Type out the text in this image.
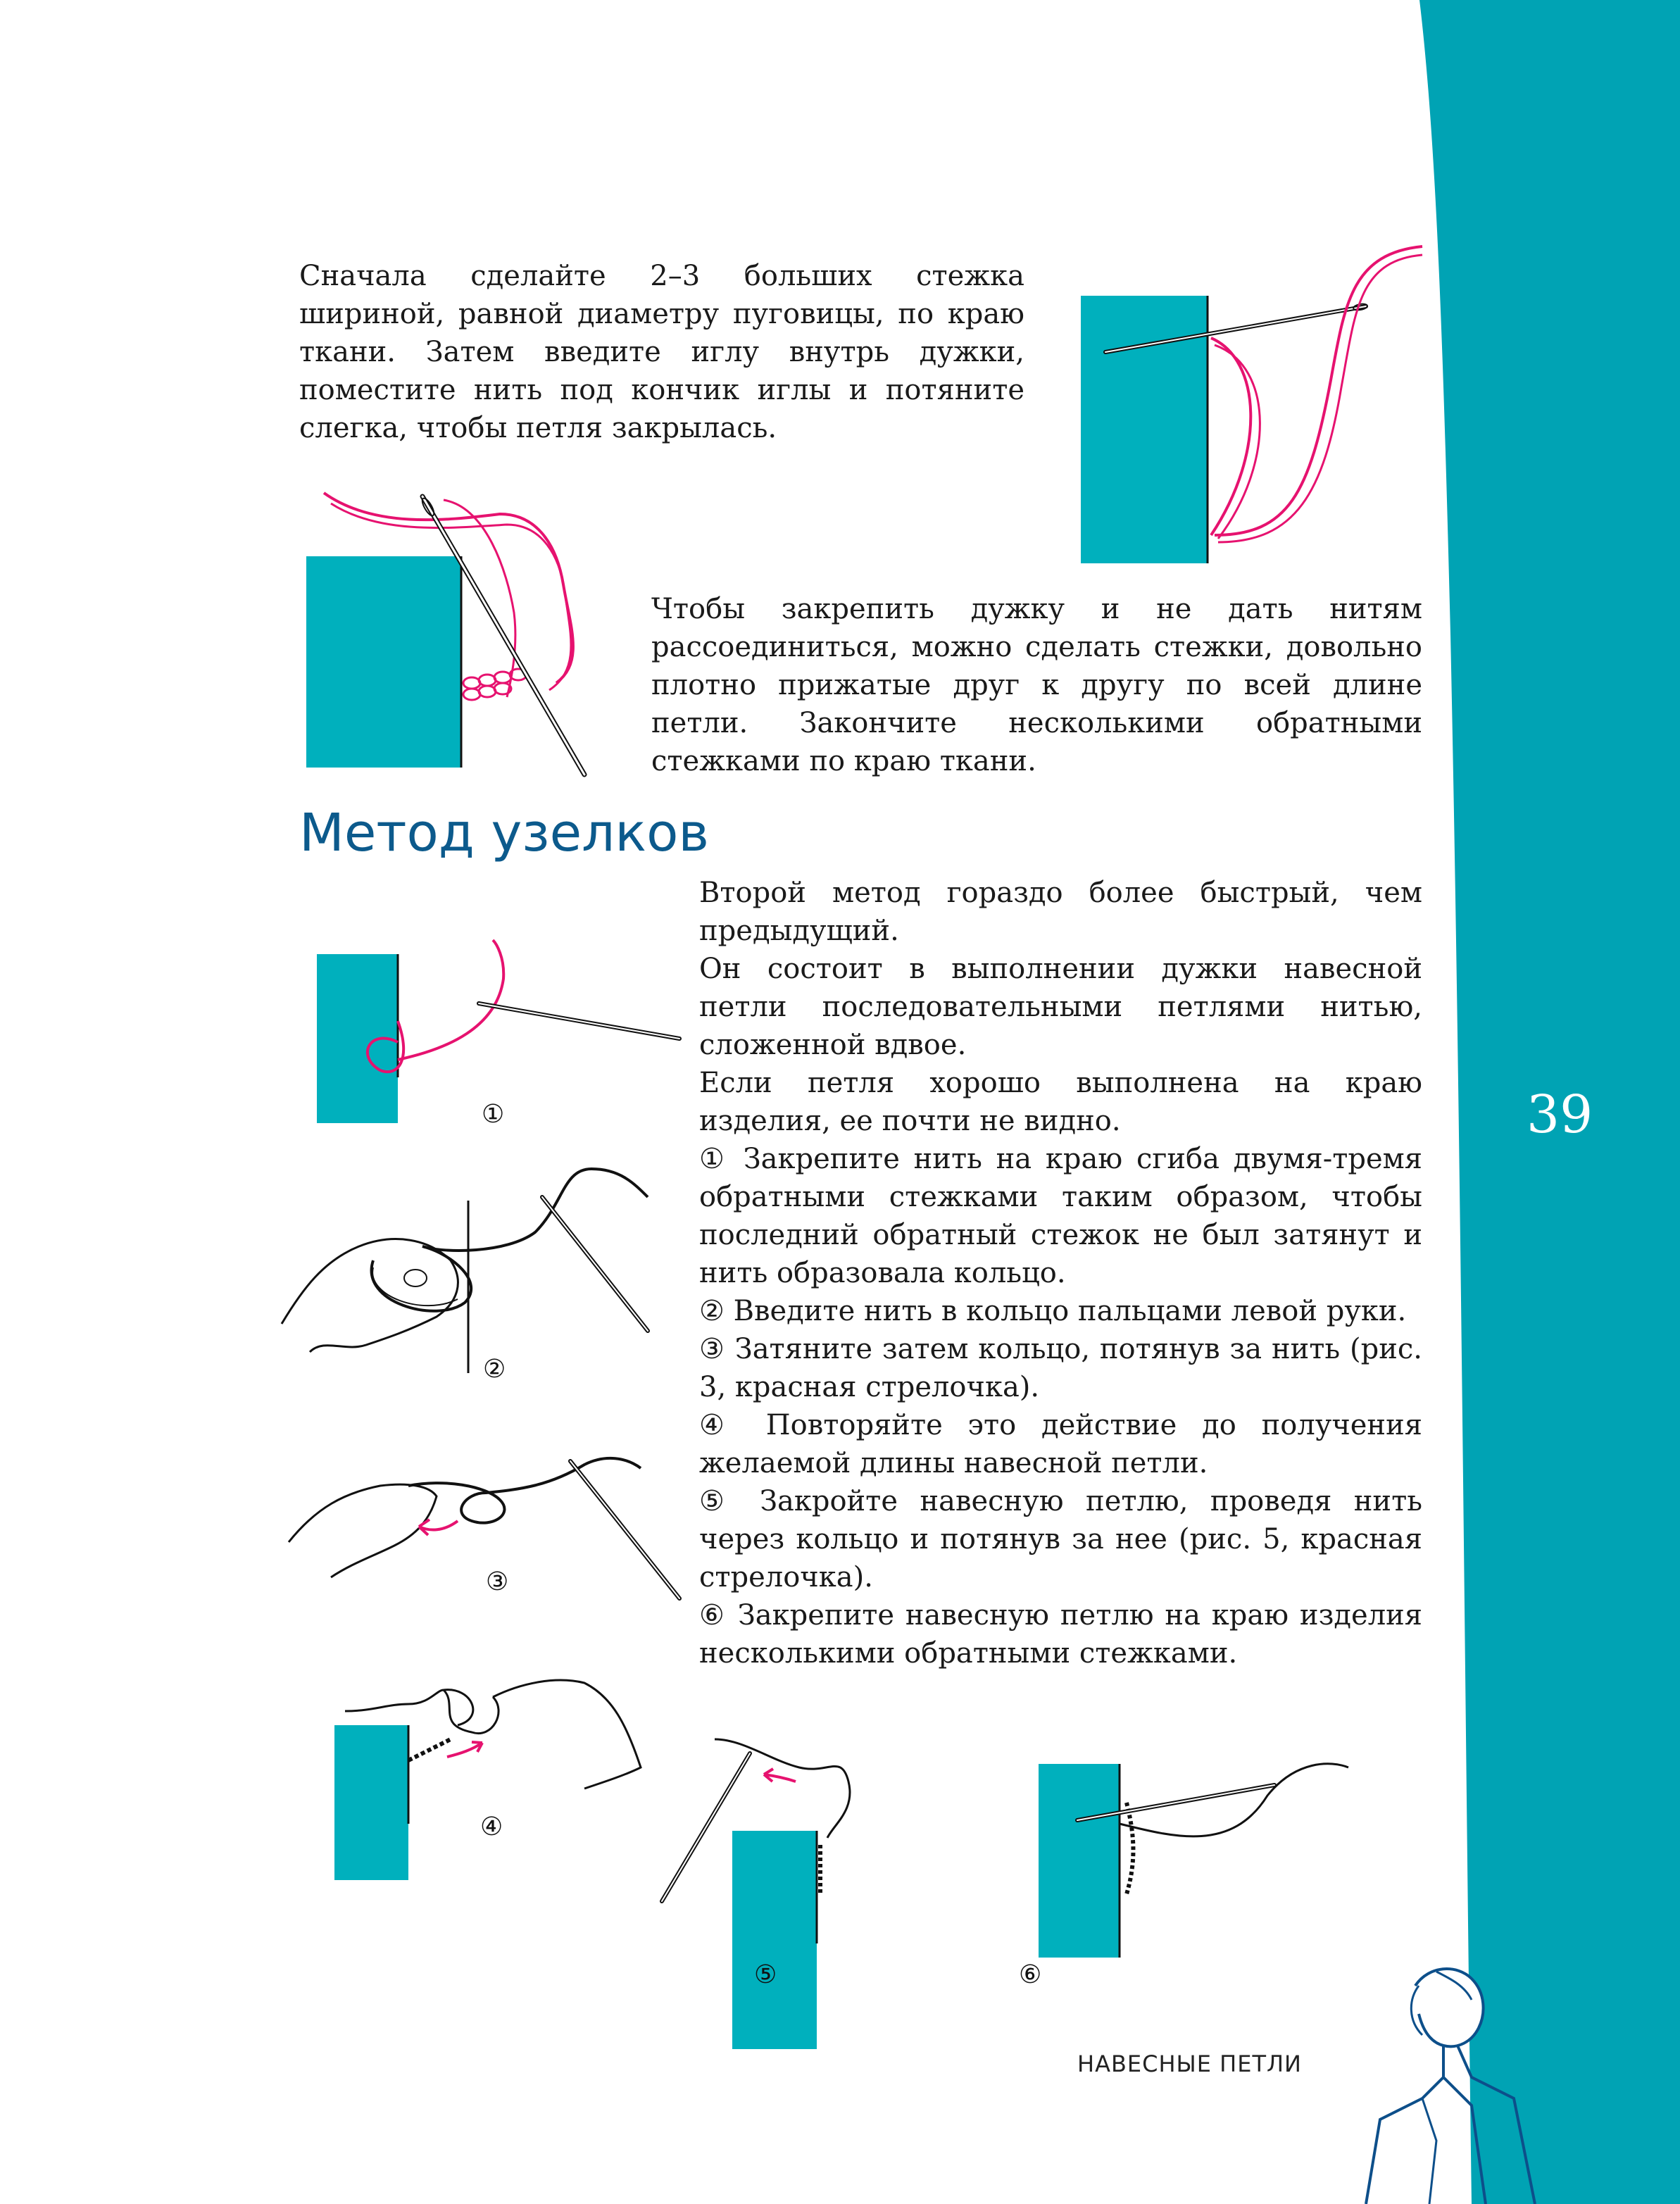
39

Сначала сделайте 2–3 больших стежка шириной, равной диаметру пуговицы, по краю ткани. Затем введите иглу внутрь дужки, поместите нить под кончик иглы и потяните слегка, чтобы петля закрылась.

Чтобы закрепить дужку и не дать нитям рассоединиться, можно сделать стежки, довольно плотно прижатые друг к другу по всей длине петли. Закончите несколькими обратными стежками по краю ткани.

Метод узелков

Второй метод гораздо более быстрый, чем предыдущий.

Он состоит в выполнении дужки навесной петли последовательными петлями нитью, сложенной вдвое.

Если петля хорошо выполнена на краю изделия, ее почти не видно.

① Закрепите нить на краю сгиба двумя-тремя обратными стежками таким образом, чтобы последний обратный стежок не был затянут и нить образовала кольцо.

② Введите нить в кольцо пальцами левой руки.

③ Затяните затем кольцо, потянув за нить (рис. 3, красная стрелочка).

④ Повторяйте это действие до получения желаемой длины навесной петли.

⑤ Закройте навесную петлю, проведя нить через кольцо и потянув за нее (рис. 5, красная стрелочка).

⑥ Закрепите навесную петлю на краю изделия несколькими обратными стежками.

①
②
③
④
⑤	⑥
НАВЕСНЫЕ ПЕТЛИ
